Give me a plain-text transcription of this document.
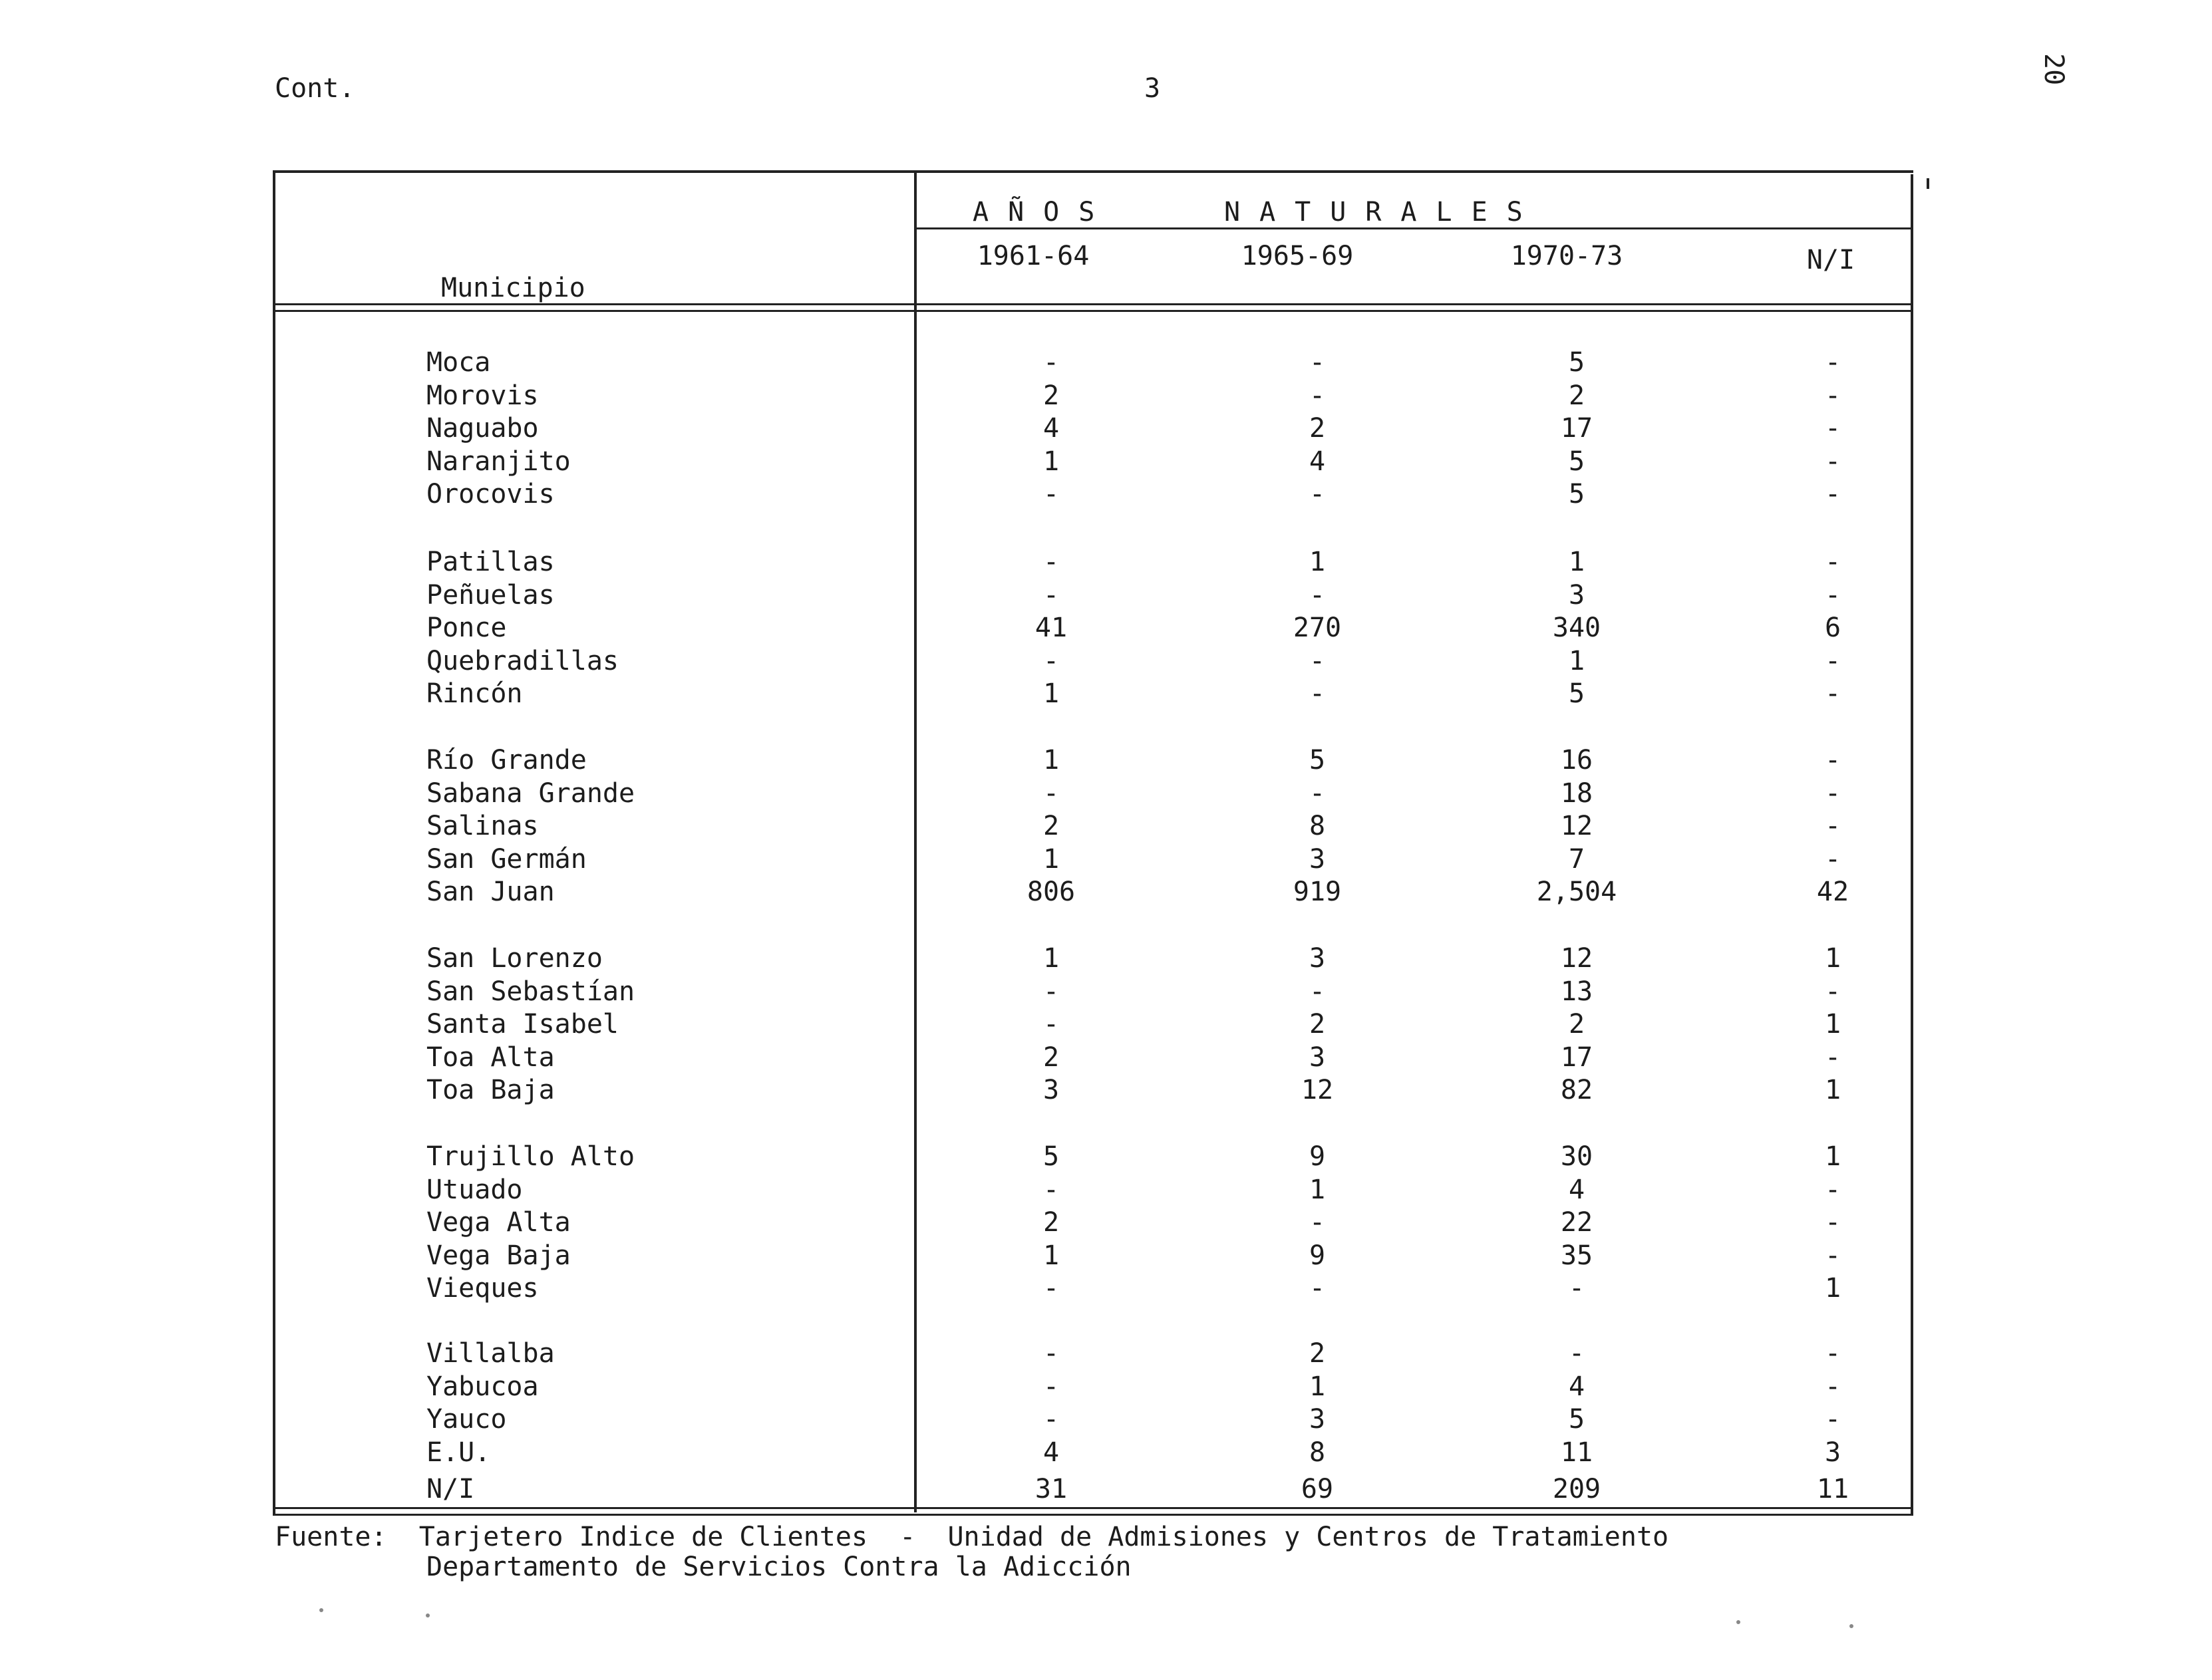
Cont.	3
20
AÑOS	NATURALES
1961-64	1965-69	1970-73	N/I
Municipio
Moca	-	-	5	-
Morovis	2	-	2	-
Naguabo	4	2	17	-
Naranjito	1	4	5	-
Orocovis	-	-	5	-
Patillas	-	1	1	-
Peñuelas	-	-	3	-
Ponce	41	270	340	6
Quebradillas	-	-	1	-
Rincón	1	-	5	-
Río Grande	1	5	16	-
Sabana Grande	-	-	18	-
Salinas	2	8	12	-
San Germán	1	3	7	-
San Juan	806	919	2,504	42
San Lorenzo	1	3	12	1
San Sebastían	-	-	13	-
Santa Isabel	-	2	2	1
Toa Alta	2	3	17	-
Toa Baja	3	12	82	1
Trujillo Alto	5	9	30	1
Utuado	-	1	4	-
Vega Alta	2	-	22	-
Vega Baja	1	9	35	-
Vieques	-	-	-	1
Villalba	-	2	-	-
Yabucoa	-	1	4	-
Yauco	-	3	5	-
E.U.	4	8	11	3
N/I	31	69	209	11
Fuente:  Tarjetero Indice de Clientes  -  Unidad de Admisiones y Centros de Tratamiento
Departamento de Servicios Contra la Adicción
